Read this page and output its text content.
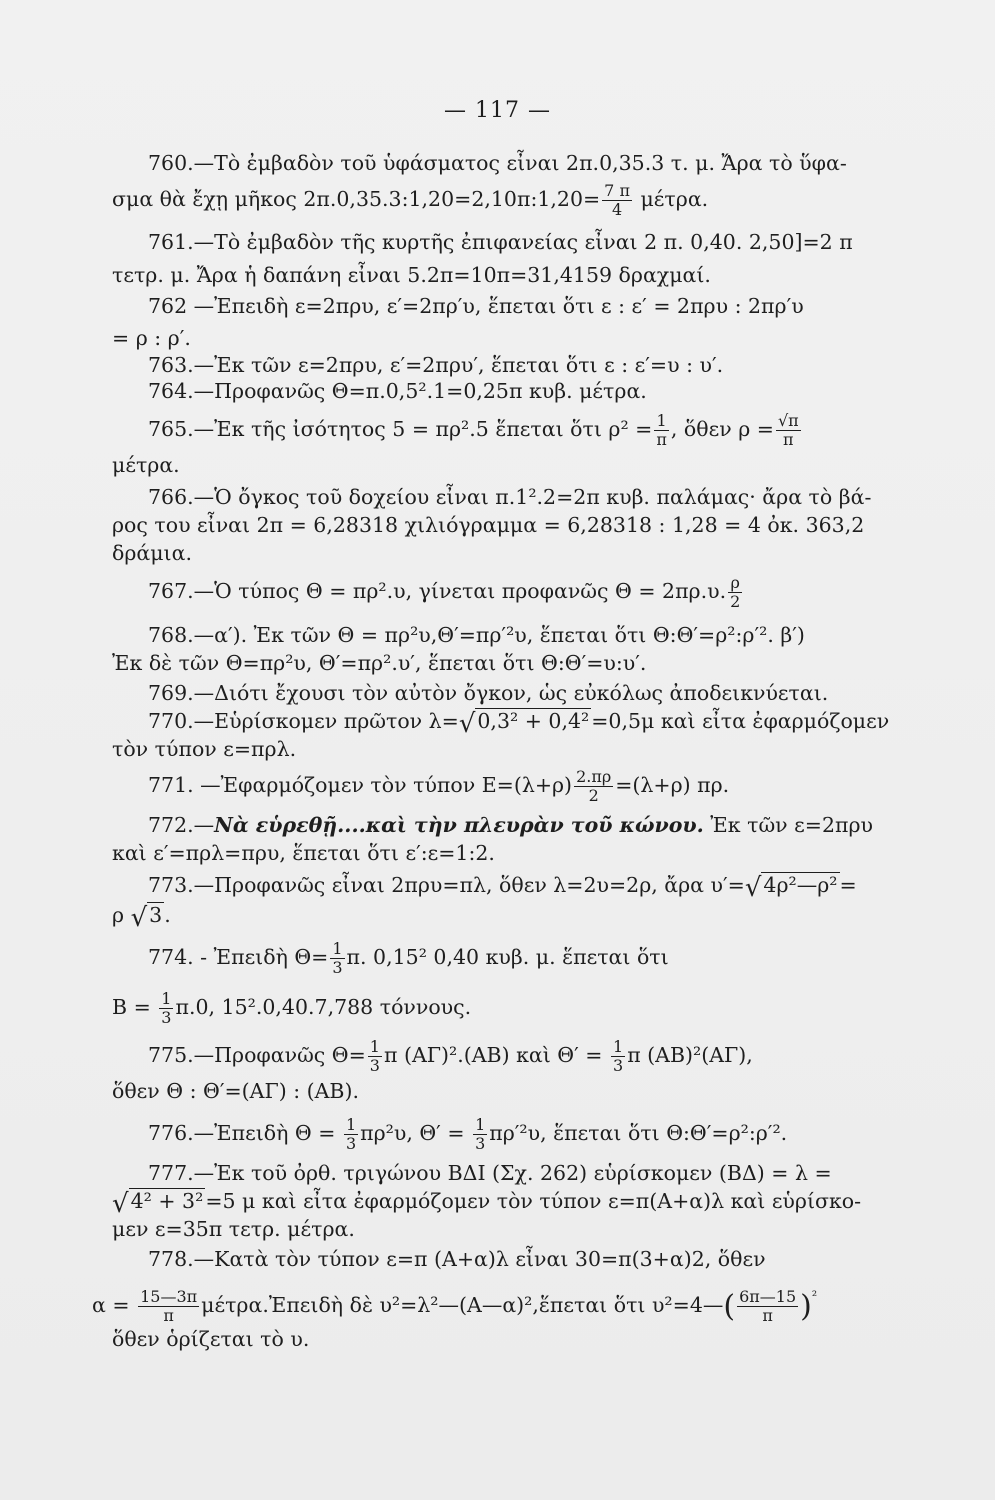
— 117 —
760.—Τὸ ἐμβαδὸν τοῦ ὑφάσματος εἶναι 2π.0,35.3 τ. μ. Ἄρα τὸ ὕφα-
σμα θὰ ἔχῃ μῆκος 2π.0,35.3:1,20=2,10π:1,20= $\frac{7 \pi}{4} \mu έ\tau\rho\alpha$.
761.—Τὸ ἐμβαδὸν τῆς κυρτῆς ἐπιφανείας εἶναι 2 π. 0,40. 2,50]=2 π
τετρ. μ. Ἄρα ἡ δαπάνη εἶναι 5.2π=10π=31,4159 δραχμαί.
762 —Ἐπειδὴ ε=2πρυ, ε′=2πρ′υ, ἕπεται ὅτι ε : ε′ = 2πρυ : 2πρ′υ
= ρ : ρ′.
763.—Ἐκ τῶν ε=2πρυ, ε′=2πρυ′, ἕπεται ὅτι ε : ε′=υ : υ′.
764.—Προφανῶς Θ=π.0,5².1=0,25π κυβ. μέτρα.
765.—Ἐκ τῆς ἰσότητος 5 = πρ².5 ἕπεται ὅτι $\rho^2 = \frac{1}{\pi}$ , ὅθεν $\rho = \frac{√\pi}{\pi}$
μέτρα.
766.—Ὁ ὄγκος τοῦ δοχείου εἶναι π.1².2=2π κυβ. παλάμας· ἄρα τὸ βά-
ρος του εἶναι 2π = 6,28318 χιλιόγραμμα = 6,28318 : 1,28 = 4 ὀκ. 363,2
δράμια.
767.—Ὁ τύπος Θ = πρ².υ, γίνεται προφανῶς Θ = 2πρ.υ. $\frac{\rho}{2}$
768.—α′). Ἐκ τῶν Θ = πρ²υ,Θ′=πρ′²υ, ἕπεται ὅτι Θ:Θ′=ρ²:ρ′². β′)
Ἐκ δὲ τῶν Θ=πρ²υ, Θ′=πρ².υ′, ἕπεται ὅτι Θ:Θ′=υ:υ′.
769.—Διότι ἔχουσι τὸν αὐτὸν ὄγκον, ὡς εὐκόλως ἀποδεικνύεται.
770.—Εὑρίσκομεν πρῶτον λ=√0,3² + 0,4²=0,5μ καὶ εἶτα ἐφαρμόζομεν
τὸν τύπον ε=πρλ.
771. —Ἐφαρμόζομεν τὸν τύπον $E=(\lambda+\rho) \frac{2.\pi\rho}{2} =(\lambda+\rho)$ πρ.
772.—Νὰ εὑρεθῇ....καὶ τὴν πλευρὰν τοῦ κώνου. Ἐκ τῶν ε=2πρυ
καὶ ε′=πρλ=πρυ, ἕπεται ὅτι ε′:ε=1:2.
773.—Προφανῶς εἶναι 2πρυ=πλ, ὅθεν λ=2υ=2ρ, ἄρα υ′=√4ρ²—ρ²=
ρ √3.
774. - Ἐπειδὴ $\Theta= \frac{1}{3} \pi$. 0,15² 0,40 κυβ. μ. ἕπεται ὅτι
$B = \frac{1}{3} \pi.0$, 15².0,40.7,788 τόννους.
775.—Προφανῶς $\Theta= \frac{1}{3}$ π (ΑΓ)².(ΑΒ) καὶ $\Theta' = \frac{1}{3}$ π (ΑΒ)²(ΑΓ),
ὅθεν Θ : Θ′=(ΑΓ) : (ΑΒ).
776.—Ἐπειδὴ $\Theta = \frac{1}{3} \pi\rho^2\upsilon$, $\Theta' = \frac{1}{3} \pi\rho'^2\upsilon$, ἕπεται ὅτι Θ:Θ′=ρ²:ρ′².
777.—Ἐκ τοῦ ὀρθ. τριγώνου ΒΔΙ (Σχ. 262) εὑρίσκομεν (ΒΔ) = λ =
√4² + 3²=5 μ καὶ εἶτα ἐφαρμόζομεν τὸν τύπον ε=π(Α+α)λ καὶ εὑρίσκο-
μεν ε=35π τετρ. μέτρα.
778.—Κατὰ τὸν τύπον ε=π (Α+α)λ εἶναι 30=π(3+α)2, ὅθεν
$\alpha = \frac{15—3\pi}{\pi}$ μέτρα.Ἐπειδὴ δὲ υ²=λ²—(Α—α)²,ἕπεται ὅτι υ²=4—( $\frac{6\pi—15}{\pi} )^{^2}$
ὅθεν ὁρίζεται τὸ υ.
